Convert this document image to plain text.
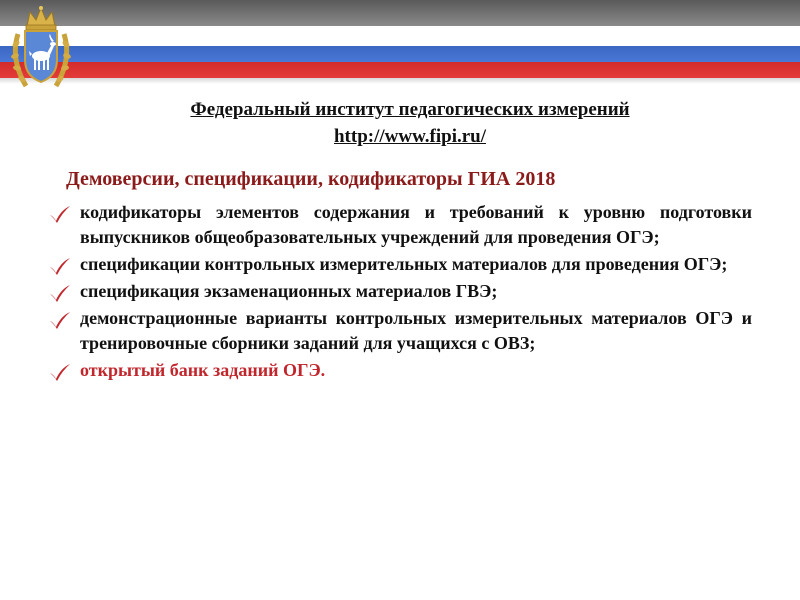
Федеральный институт педагогических измерений
http://www.fipi.ru/
Демоверсии, спецификации, кодификаторы ГИА 2018
кодификаторы элементов содержания и требований к уровню подготовки выпускников общеобразовательных учреждений для проведения ОГЭ;
спецификации контрольных измерительных материалов для проведения ОГЭ;
спецификация экзаменационных материалов ГВЭ;
демонстрационные варианты контрольных измерительных материалов ОГЭ и тренировочные сборники заданий для учащихся с ОВЗ;
открытый банк заданий ОГЭ.
